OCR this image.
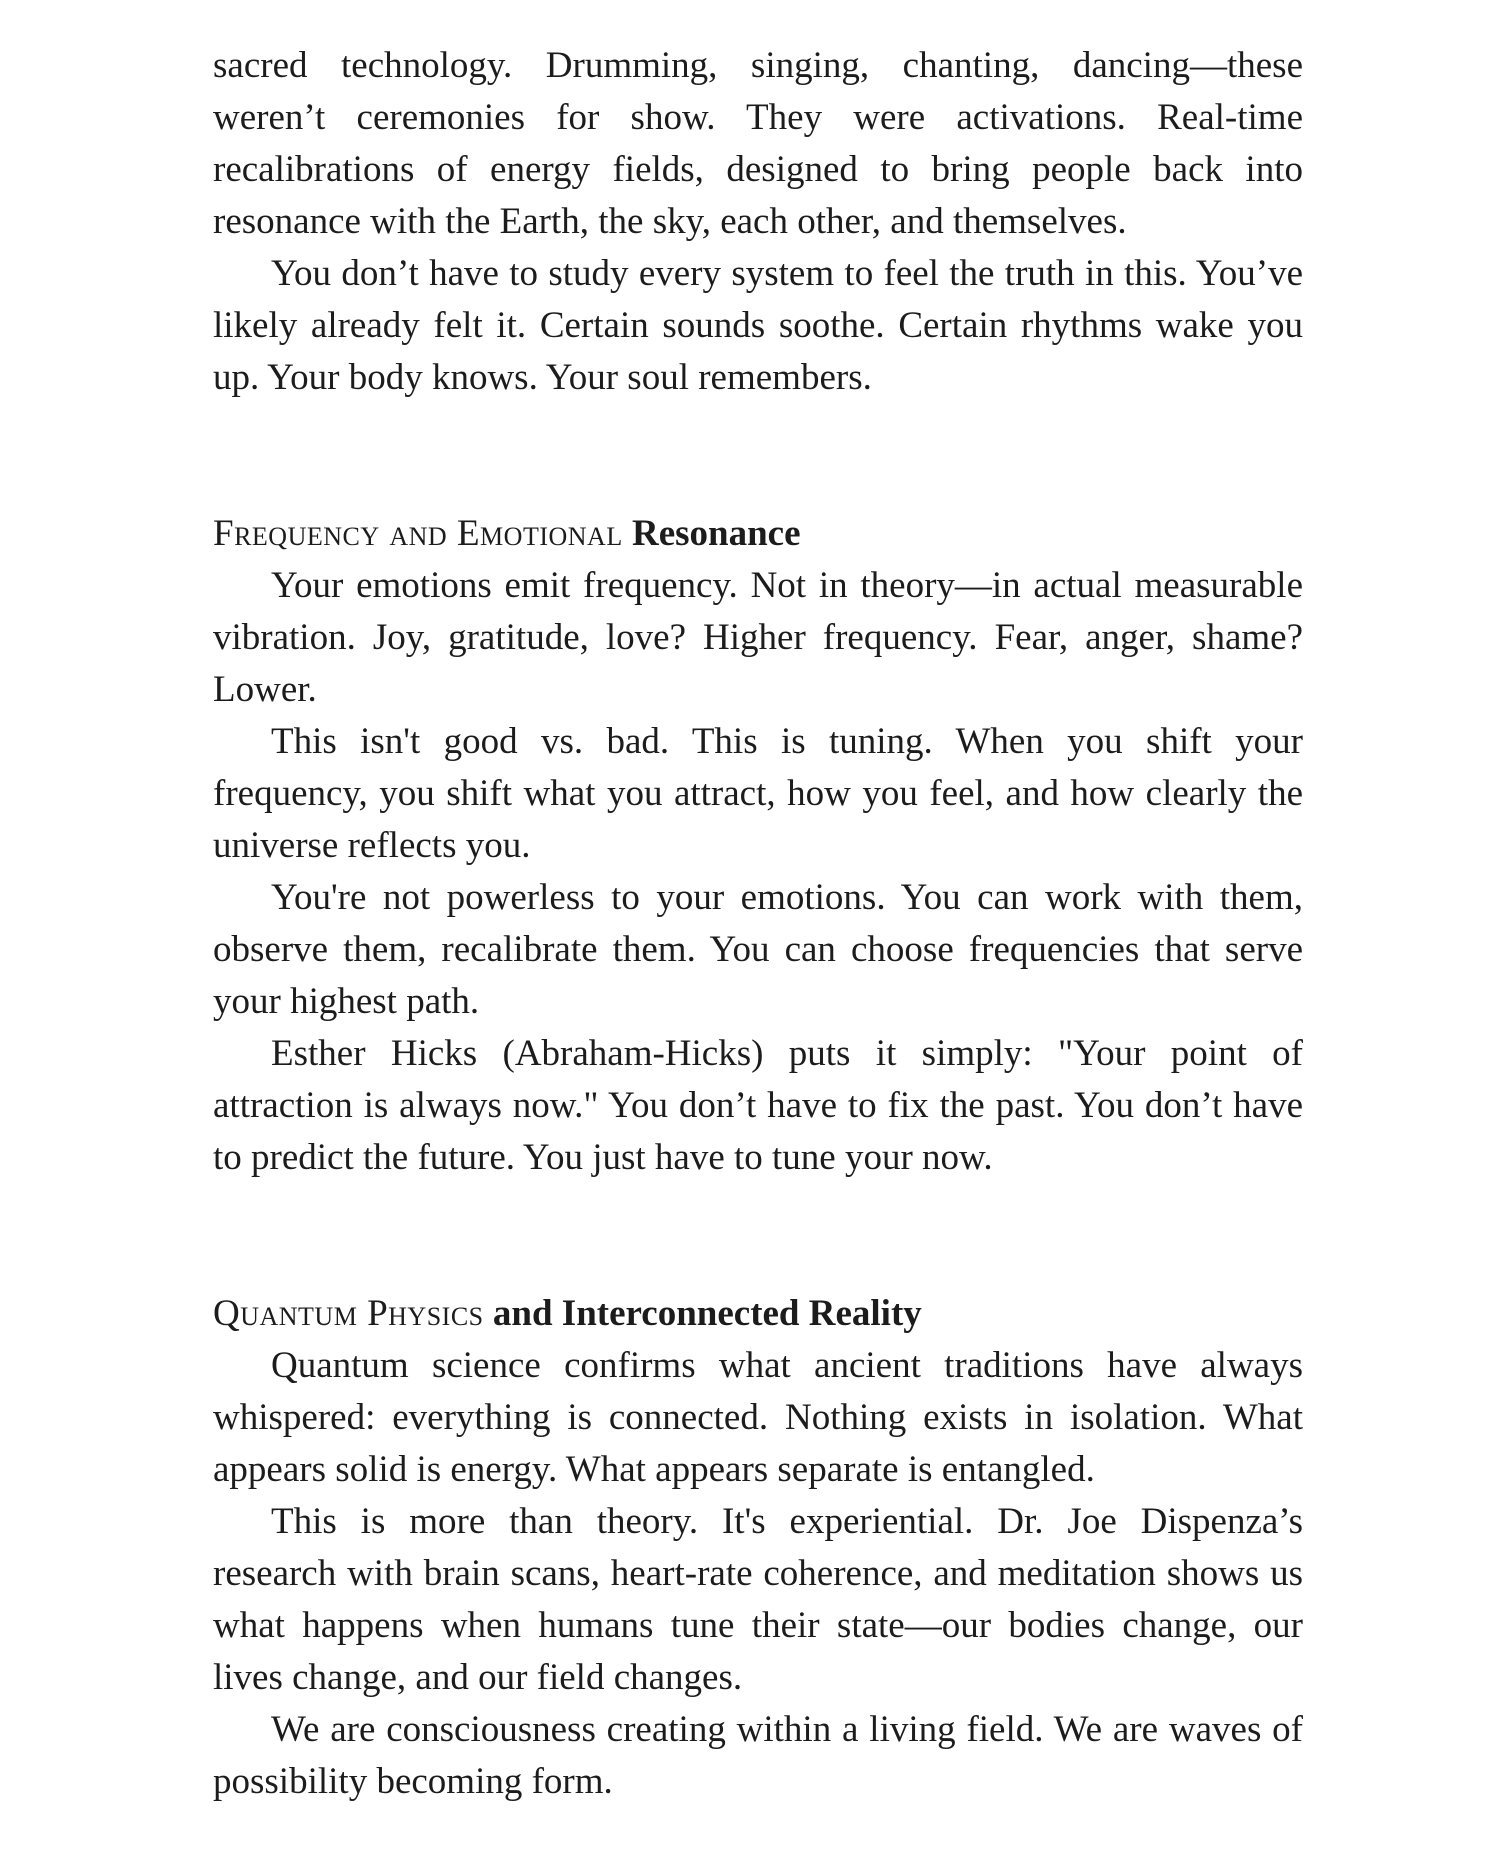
sacred technology. Drumming, singing, chanting, dancing—these weren’t ceremonies for show. They were activations. Real-time recalibrations of energy fields, designed to bring people back into resonance with the Earth, the sky, each other, and themselves.

You don’t have to study every system to feel the truth in this. You’ve likely already felt it. Certain sounds soothe. Certain rhythms wake you up. Your body knows. Your soul remembers.

Frequency and Emotional Resonance

Your emotions emit frequency. Not in theory—in actual measurable vibration. Joy, gratitude, love? Higher frequency. Fear, anger, shame? Lower.

This isn't good vs. bad. This is tuning. When you shift your frequency, you shift what you attract, how you feel, and how clearly the universe reflects you.

You're not powerless to your emotions. You can work with them, observe them, recalibrate them. You can choose frequencies that serve your highest path.

Esther Hicks (Abraham-Hicks) puts it simply: "Your point of attraction is always now." You don’t have to fix the past. You don’t have to predict the future. You just have to tune your now.

Quantum Physics and Interconnected Reality

Quantum science confirms what ancient traditions have always whispered: everything is connected. Nothing exists in isolation. What appears solid is energy. What appears separate is entangled.

This is more than theory. It's experiential. Dr. Joe Dispenza’s research with brain scans, heart-rate coherence, and meditation shows us what happens when humans tune their state—our bodies change, our lives change, and our field changes.

We are consciousness creating within a living field. We are waves of possibility becoming form.
